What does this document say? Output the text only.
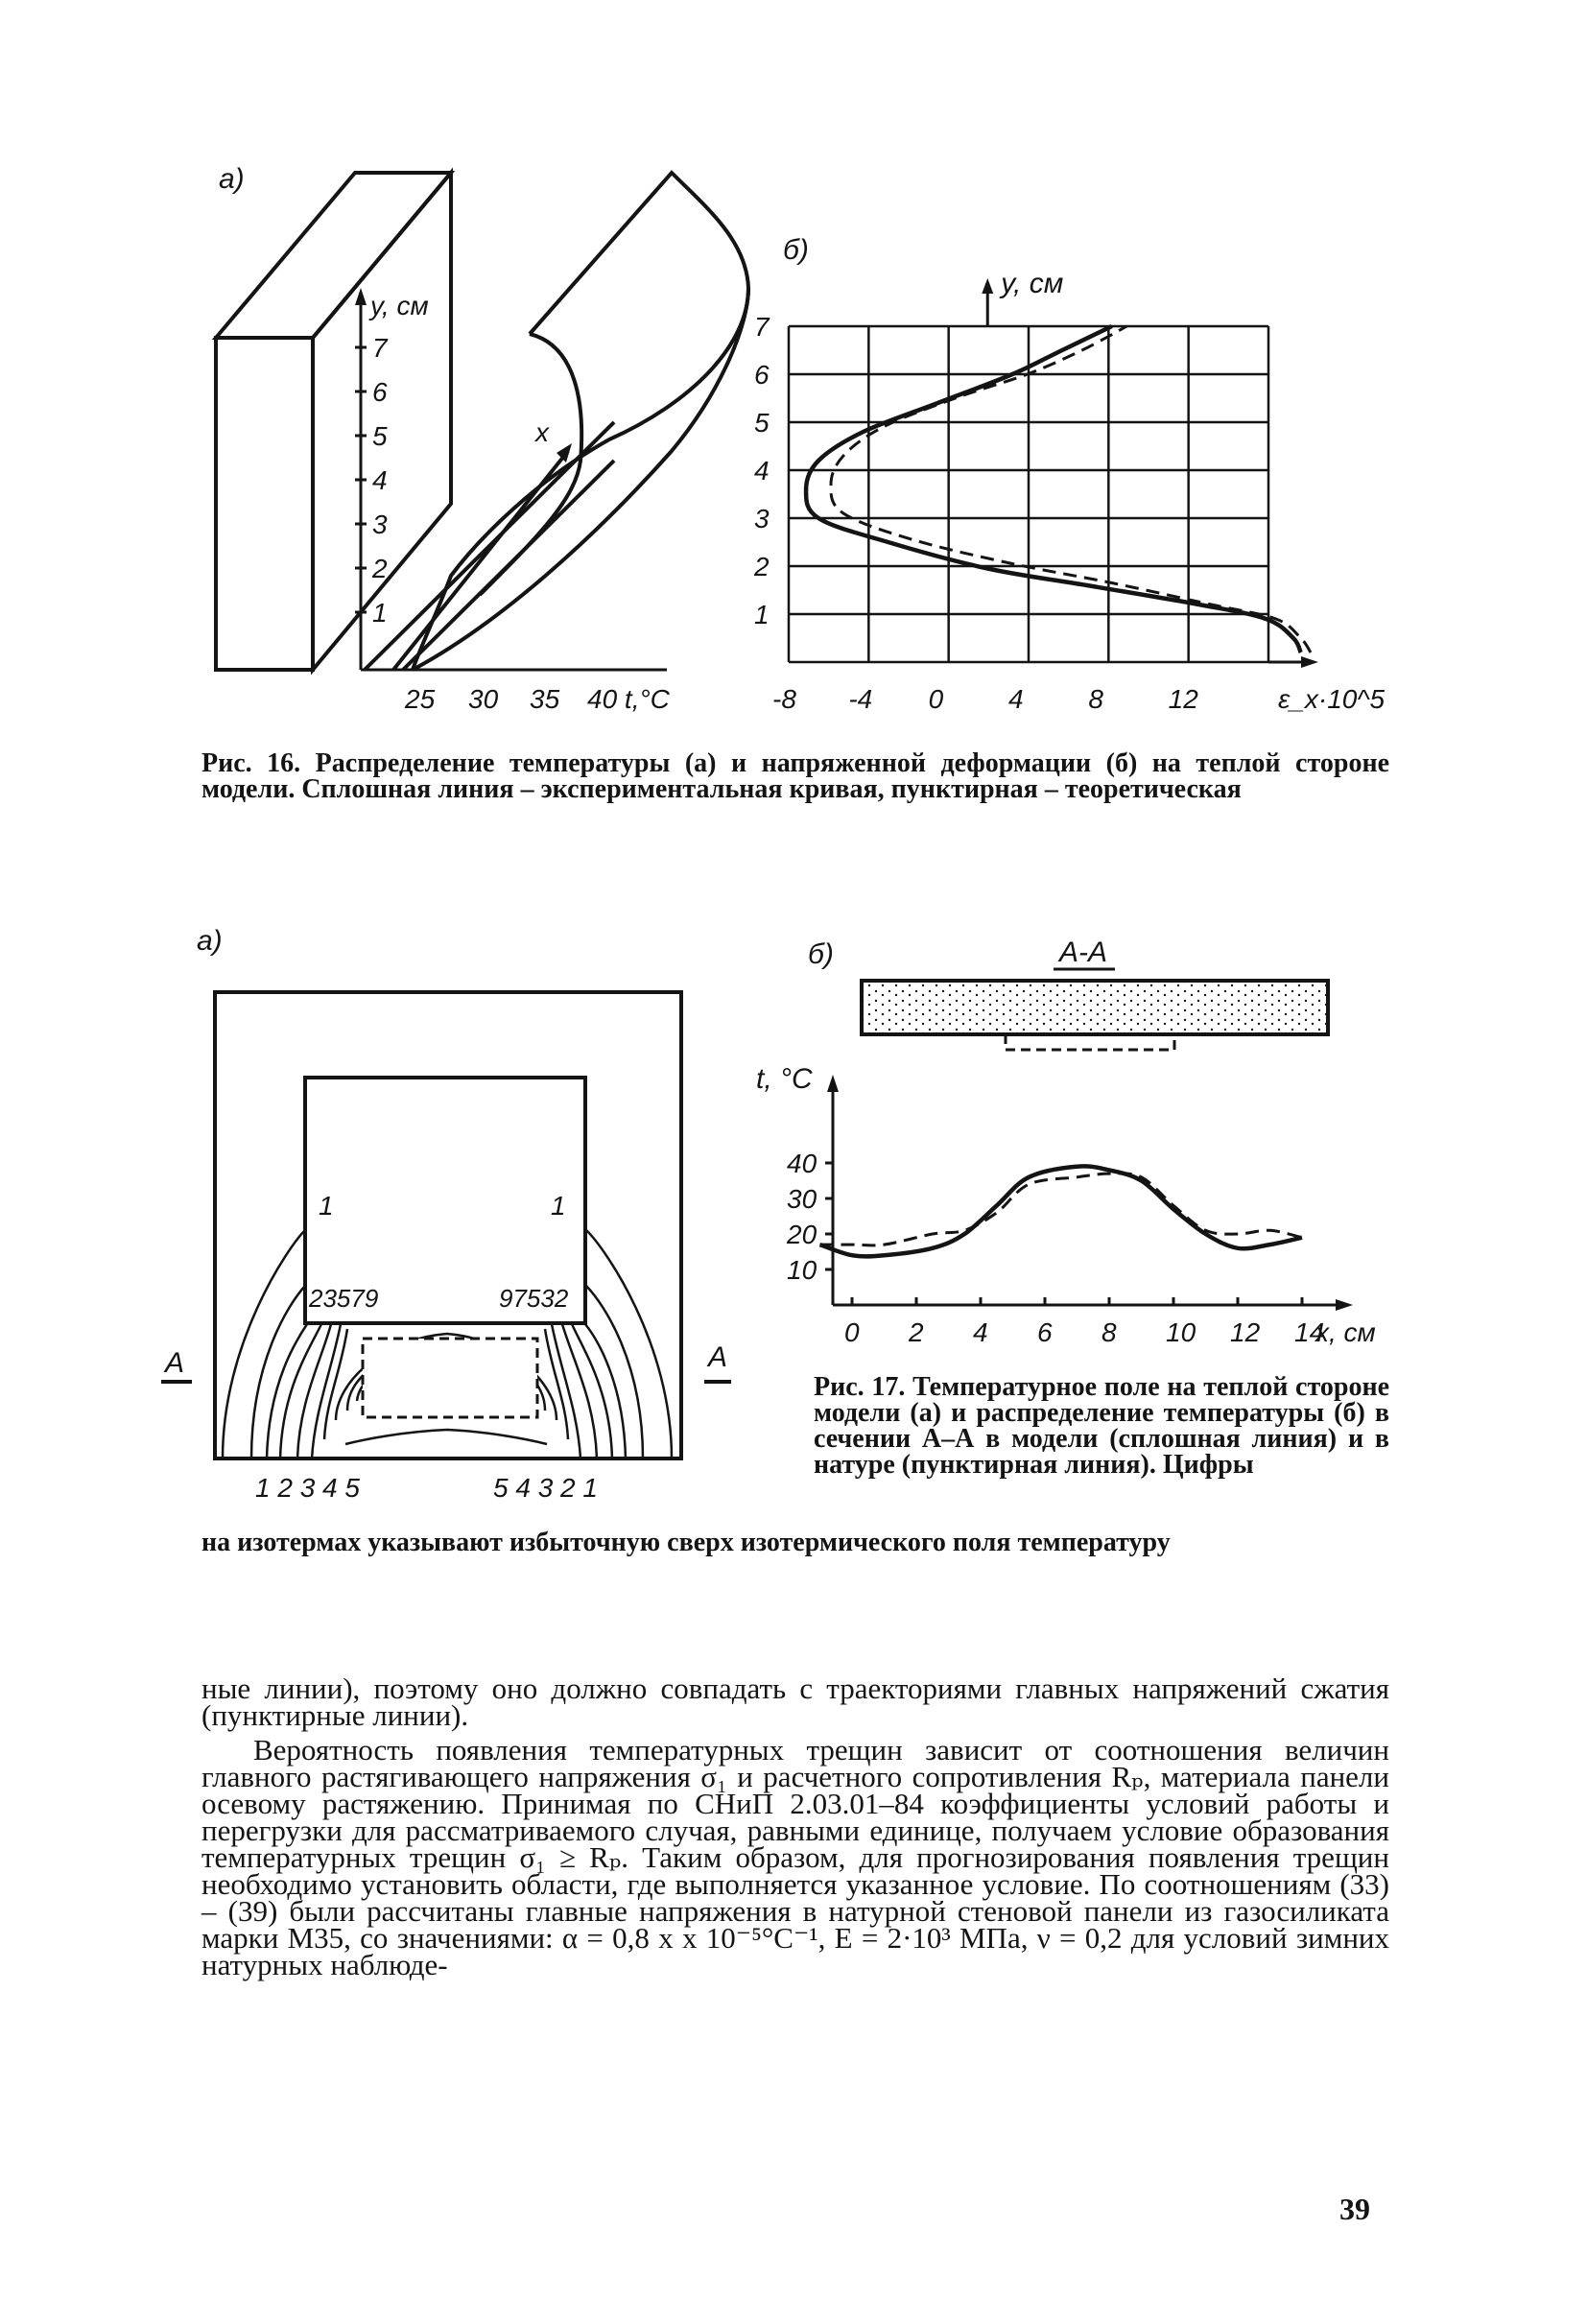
a)
y, см
7
6
5
4
3
2
1
x
25 30 35 40 t,°C
б)
y, см
1
2
3
4
5
6
7
-8 -4 0 4 8 12	ε_x·10^5
Рис. 16. Распределение температуры (а) и напряженной деформации (б) на теплой стороне модели. Сплошная линия – экспериментальная кривая, пунктирная – теоретическая
a)
1	1
23579	97532
1 2 3 4 5	5 4 3 2 1
А	А
б)	А-А
t, °C
10
20
30
40
0 2 4 6 8 10 12 14
x, см
Рис. 17. Температурное поле на теплой стороне модели (а) и распределение температуры (б) в сечении А–А в модели (сплошная линия) и в натуре (пунктирная линия). Цифры
на изотермах указывают избыточную сверх изотермического поля температуру

ные линии), поэтому оно должно совпадать с траекториями главных напряжений сжатия (пунктирные линии).

Вероятность появления температурных трещин зависит от соотношения величин главного растягивающего напряжения σ₁ и расчетного сопротивления Rₚ, материала панели осевому растяжению. Принимая по СНиП 2.03.01–84 коэффициенты условий работы и перегрузки для рассматриваемого случая, равными единице, получаем условие образования температурных трещин σ₁ ≥ Rₚ. Таким образом, для прогнозирования появления трещин необходимо установить области, где выполняется указанное условие. По соотношениям (33) – (39) были рассчитаны главные напряжения в натурной стеновой панели из газосиликата марки М35, со значениями: α = 0,8 x x 10⁻⁵°C⁻¹, E = 2·10³ МПа, ν = 0,2 для условий зимних натурных наблюде-

39
